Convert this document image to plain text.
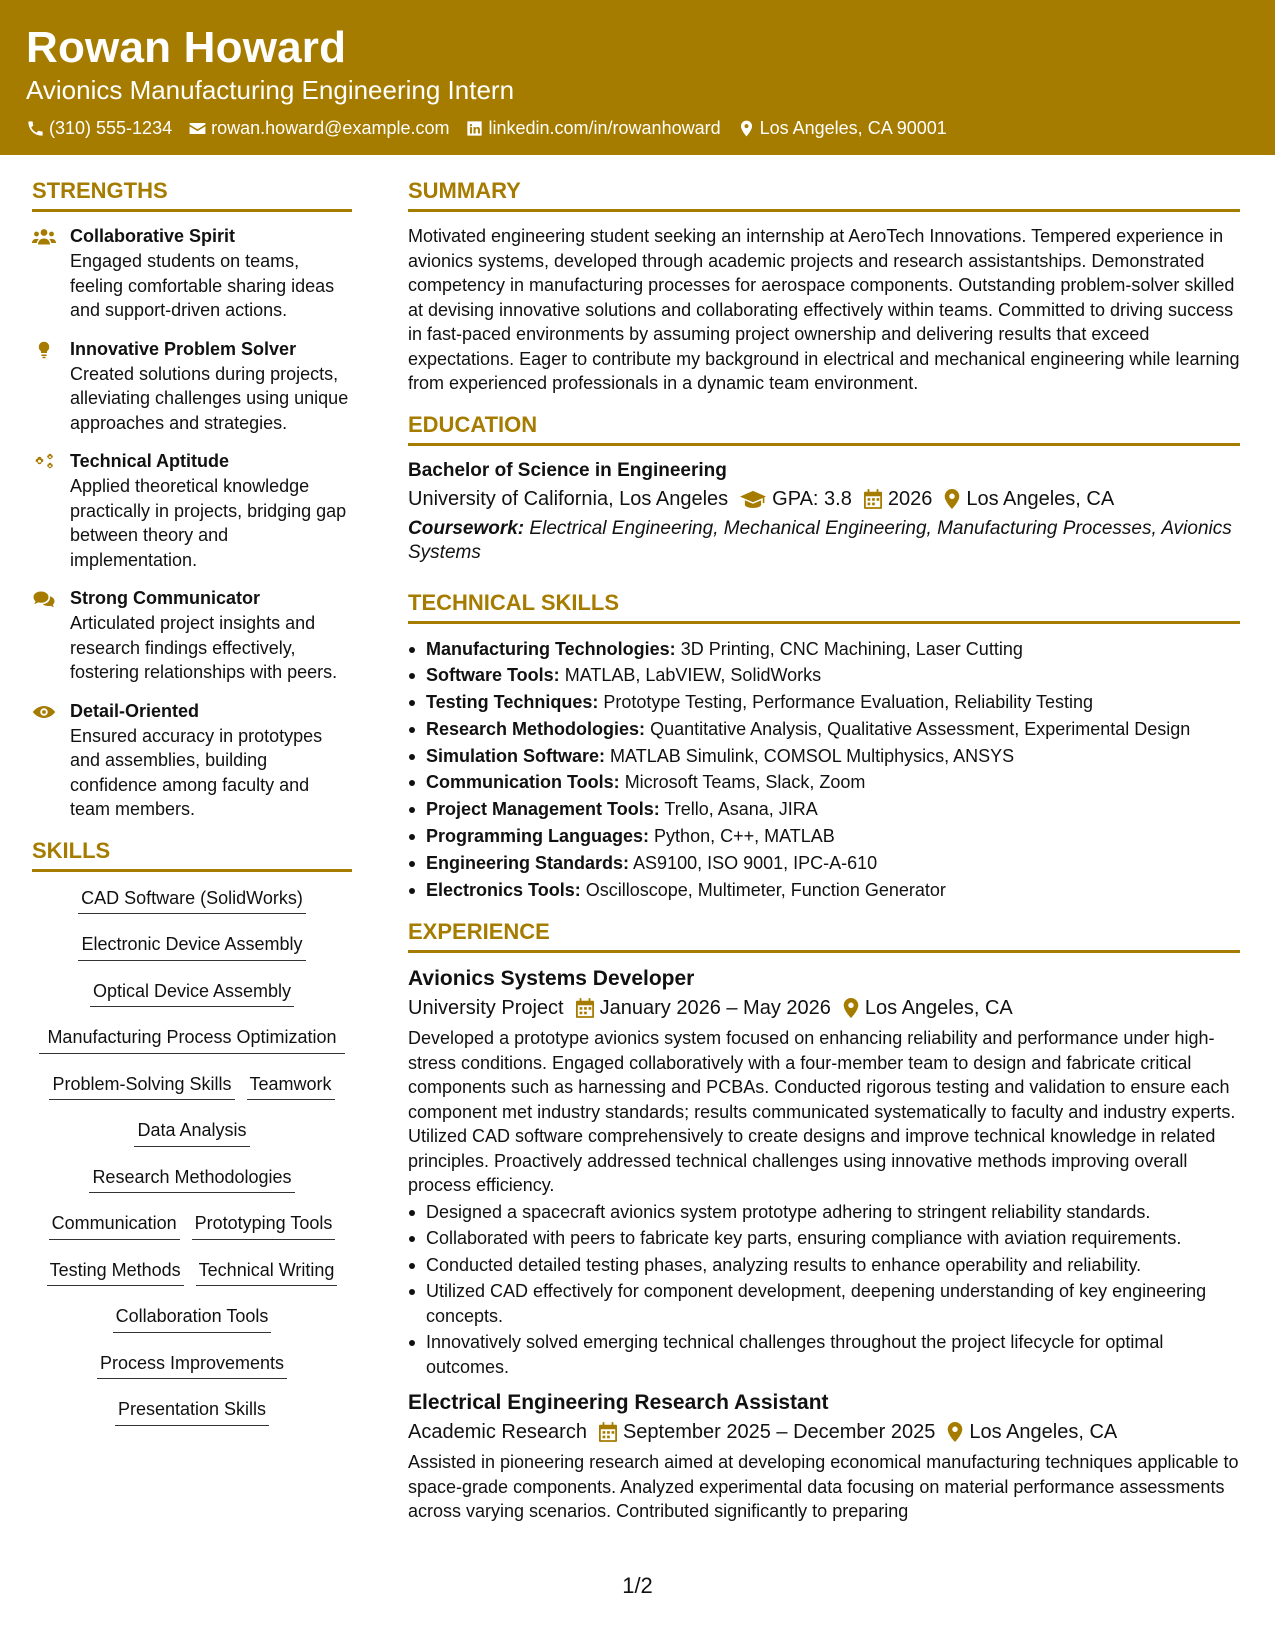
Rowan Howard
Avionics Manufacturing Engineering Intern
(310) 555-1234 rowan.howard@example.com linkedin.com/in/rowanhoward Los Angeles, CA 90001
STRENGTHS
Collaborative Spirit
Engaged students on teams, feeling comfortable sharing ideas and support-driven actions.
Innovative Problem Solver
Created solutions during projects, alleviating challenges using unique approaches and strategies.
Technical Aptitude
Applied theoretical knowledge practically in projects, bridging gap between theory and implementation.
Strong Communicator
Articulated project insights and research findings effectively, fostering relationships with peers.
Detail-Oriented
Ensured accuracy in prototypes and assemblies, building confidence among faculty and team members.
SKILLS
CAD Software (SolidWorks)
Electronic Device Assembly
Optical Device Assembly
Manufacturing Process Optimization
Problem-Solving Skills Teamwork
Data Analysis
Research Methodologies
Communication Prototyping Tools
Testing Methods Technical Writing
Collaboration Tools
Process Improvements
Presentation Skills
SUMMARY
Motivated engineering student seeking an internship at AeroTech Innovations. Tempered experience in avionics systems, developed through academic projects and research assistantships. Demonstrated competency in manufacturing processes for aerospace components. Outstanding problem-solver skilled at devising innovative solutions and collaborating effectively within teams. Committed to driving success in fast-paced environments by assuming project ownership and delivering results that exceed expectations. Eager to contribute my background in electrical and mechanical engineering while learning from experienced professionals in a dynamic team environment.
EDUCATION
Bachelor of Science in Engineering
University of California, Los Angeles GPA: 3.8 2026 Los Angeles, CA
Coursework: Electrical Engineering, Mechanical Engineering, Manufacturing Processes, Avionics Systems
TECHNICAL SKILLS
Manufacturing Technologies: 3D Printing, CNC Machining, Laser Cutting
Software Tools: MATLAB, LabVIEW, SolidWorks
Testing Techniques: Prototype Testing, Performance Evaluation, Reliability Testing
Research Methodologies: Quantitative Analysis, Qualitative Assessment, Experimental Design
Simulation Software: MATLAB Simulink, COMSOL Multiphysics, ANSYS
Communication Tools: Microsoft Teams, Slack, Zoom
Project Management Tools: Trello, Asana, JIRA
Programming Languages: Python, C++, MATLAB
Engineering Standards: AS9100, ISO 9001, IPC-A-610
Electronics Tools: Oscilloscope, Multimeter, Function Generator
EXPERIENCE
Avionics Systems Developer
University Project January 2026 – May 2026 Los Angeles, CA
Developed a prototype avionics system focused on enhancing reliability and performance under high-stress conditions. Engaged collaboratively with a four-member team to design and fabricate critical components such as harnessing and PCBAs. Conducted rigorous testing and validation to ensure each component met industry standards; results communicated systematically to faculty and industry experts. Utilized CAD software comprehensively to create designs and improve technical knowledge in related principles. Proactively addressed technical challenges using innovative methods improving overall process efficiency.
Designed a spacecraft avionics system prototype adhering to stringent reliability standards.
Collaborated with peers to fabricate key parts, ensuring compliance with aviation requirements.
Conducted detailed testing phases, analyzing results to enhance operability and reliability.
Utilized CAD effectively for component development, deepening understanding of key engineering concepts.
Innovatively solved emerging technical challenges throughout the project lifecycle for optimal outcomes.
Electrical Engineering Research Assistant
Academic Research September 2025 – December 2025 Los Angeles, CA
Assisted in pioneering research aimed at developing economical manufacturing techniques applicable to space-grade components. Analyzed experimental data focusing on material performance assessments across varying scenarios. Contributed significantly to preparing
1/2
